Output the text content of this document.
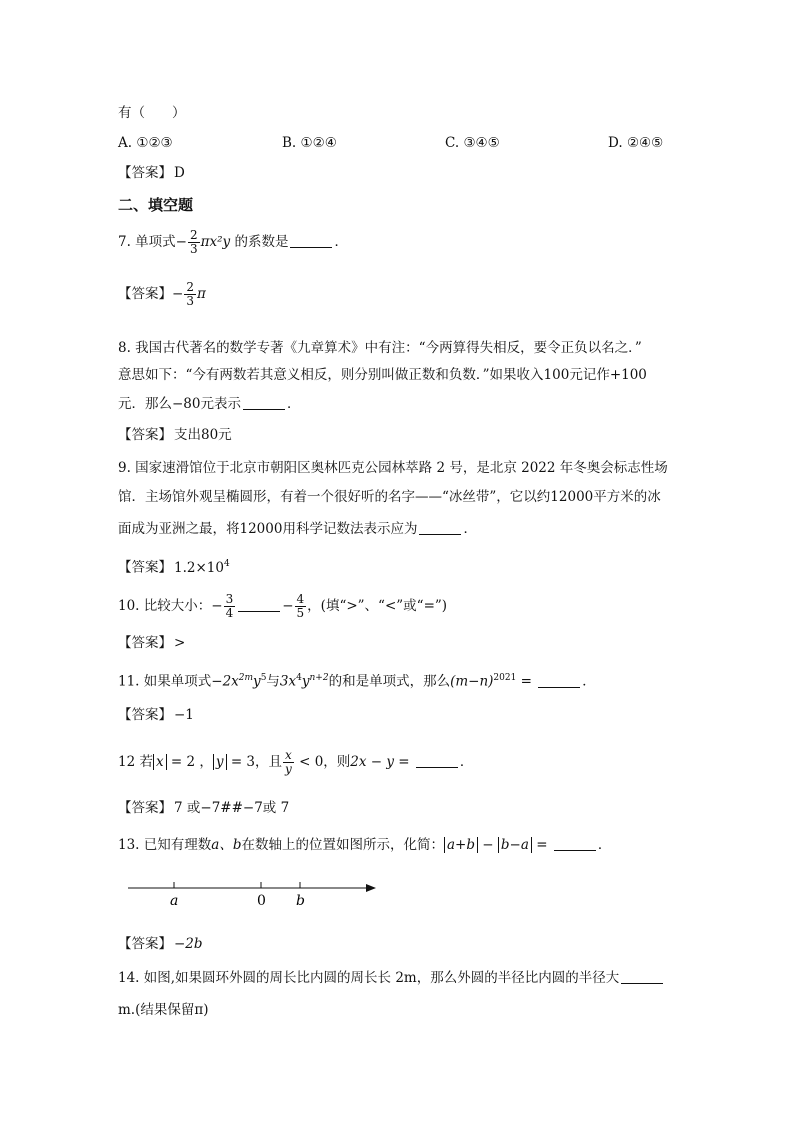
有（　　）
A. ①②③	B. ①②④	C. ③④⑤	D. ②④⑤
【答案】 D
二、填空题
7. 单项式− $\frac{2}{3} \pi x^2y$ 的系数是	．
【答案】− $\frac{2}{3}$ π
8. 我国古代著名的数学专著《九章算术》中有注：“今两算得失相反，要令正负以名之．”
意思如下：“今有两数若其意义相反，则分别叫做正数和负数．”如果收入100元记作+100
元．那么−80元表示	．
【答案】 支出80元
9. 国家速滑馆位于北京市朝阳区奥林匹克公园林萃路 2 号，是北京 2022 年冬奥会标志性场
馆．主场馆外观呈椭圆形，有着一个很好听的名字——“冰丝带”，它以约12000平方米的冰
面成为亚洲之最，将12000用科学记数法表示应为	．
【答案】 $1.2\times 10^4$
10. 比较大小：− $\frac{3}{4}$	− $\frac{4}{5}$ ，(填“>”、“<”或“=”)
【答案】 >
11. 如果单项式$-2x^{2m}y^5$与$3x^4y^{n+2}$的和是单项式，那么$(m-n)^{2021}$ =	．
【答案】 −1
12 若 x = 2 ， y = 3，且 $\frac{x}{y} < 0$，则2x − y =	．
【答案】 7 或−7##−7或 7
13. 已知有理数a、b在数轴上的位置如图所示，化简： a+b − b−a =	．
a	0 b
【答案】 −2b
14. 如图,如果圆环外圆的周长比内圆的周长长 2m，那么外圆的半径比内圆的半径大
m.(结果保留π)
